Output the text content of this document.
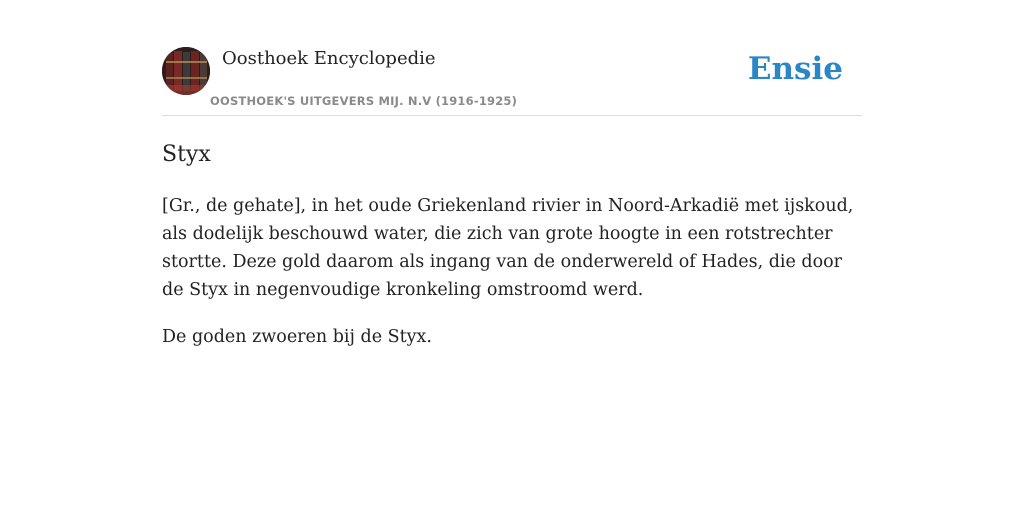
Oosthoek Encyclopedie
OOSTHOEK'S UITGEVERS MIJ. N.V (1916-1925)
Ensie
Styx

[Gr., de gehate], in het oude Griekenland rivier in Noord-Arkadië met ijskoud, als dodelijk beschouwd water, die zich van grote hoogte in een rotstrechter stortte. Deze gold daarom als ingang van de onderwereld of Hades, die door de Styx in negenvoudige kronkeling omstroomd werd.

De goden zwoeren bij de Styx.
